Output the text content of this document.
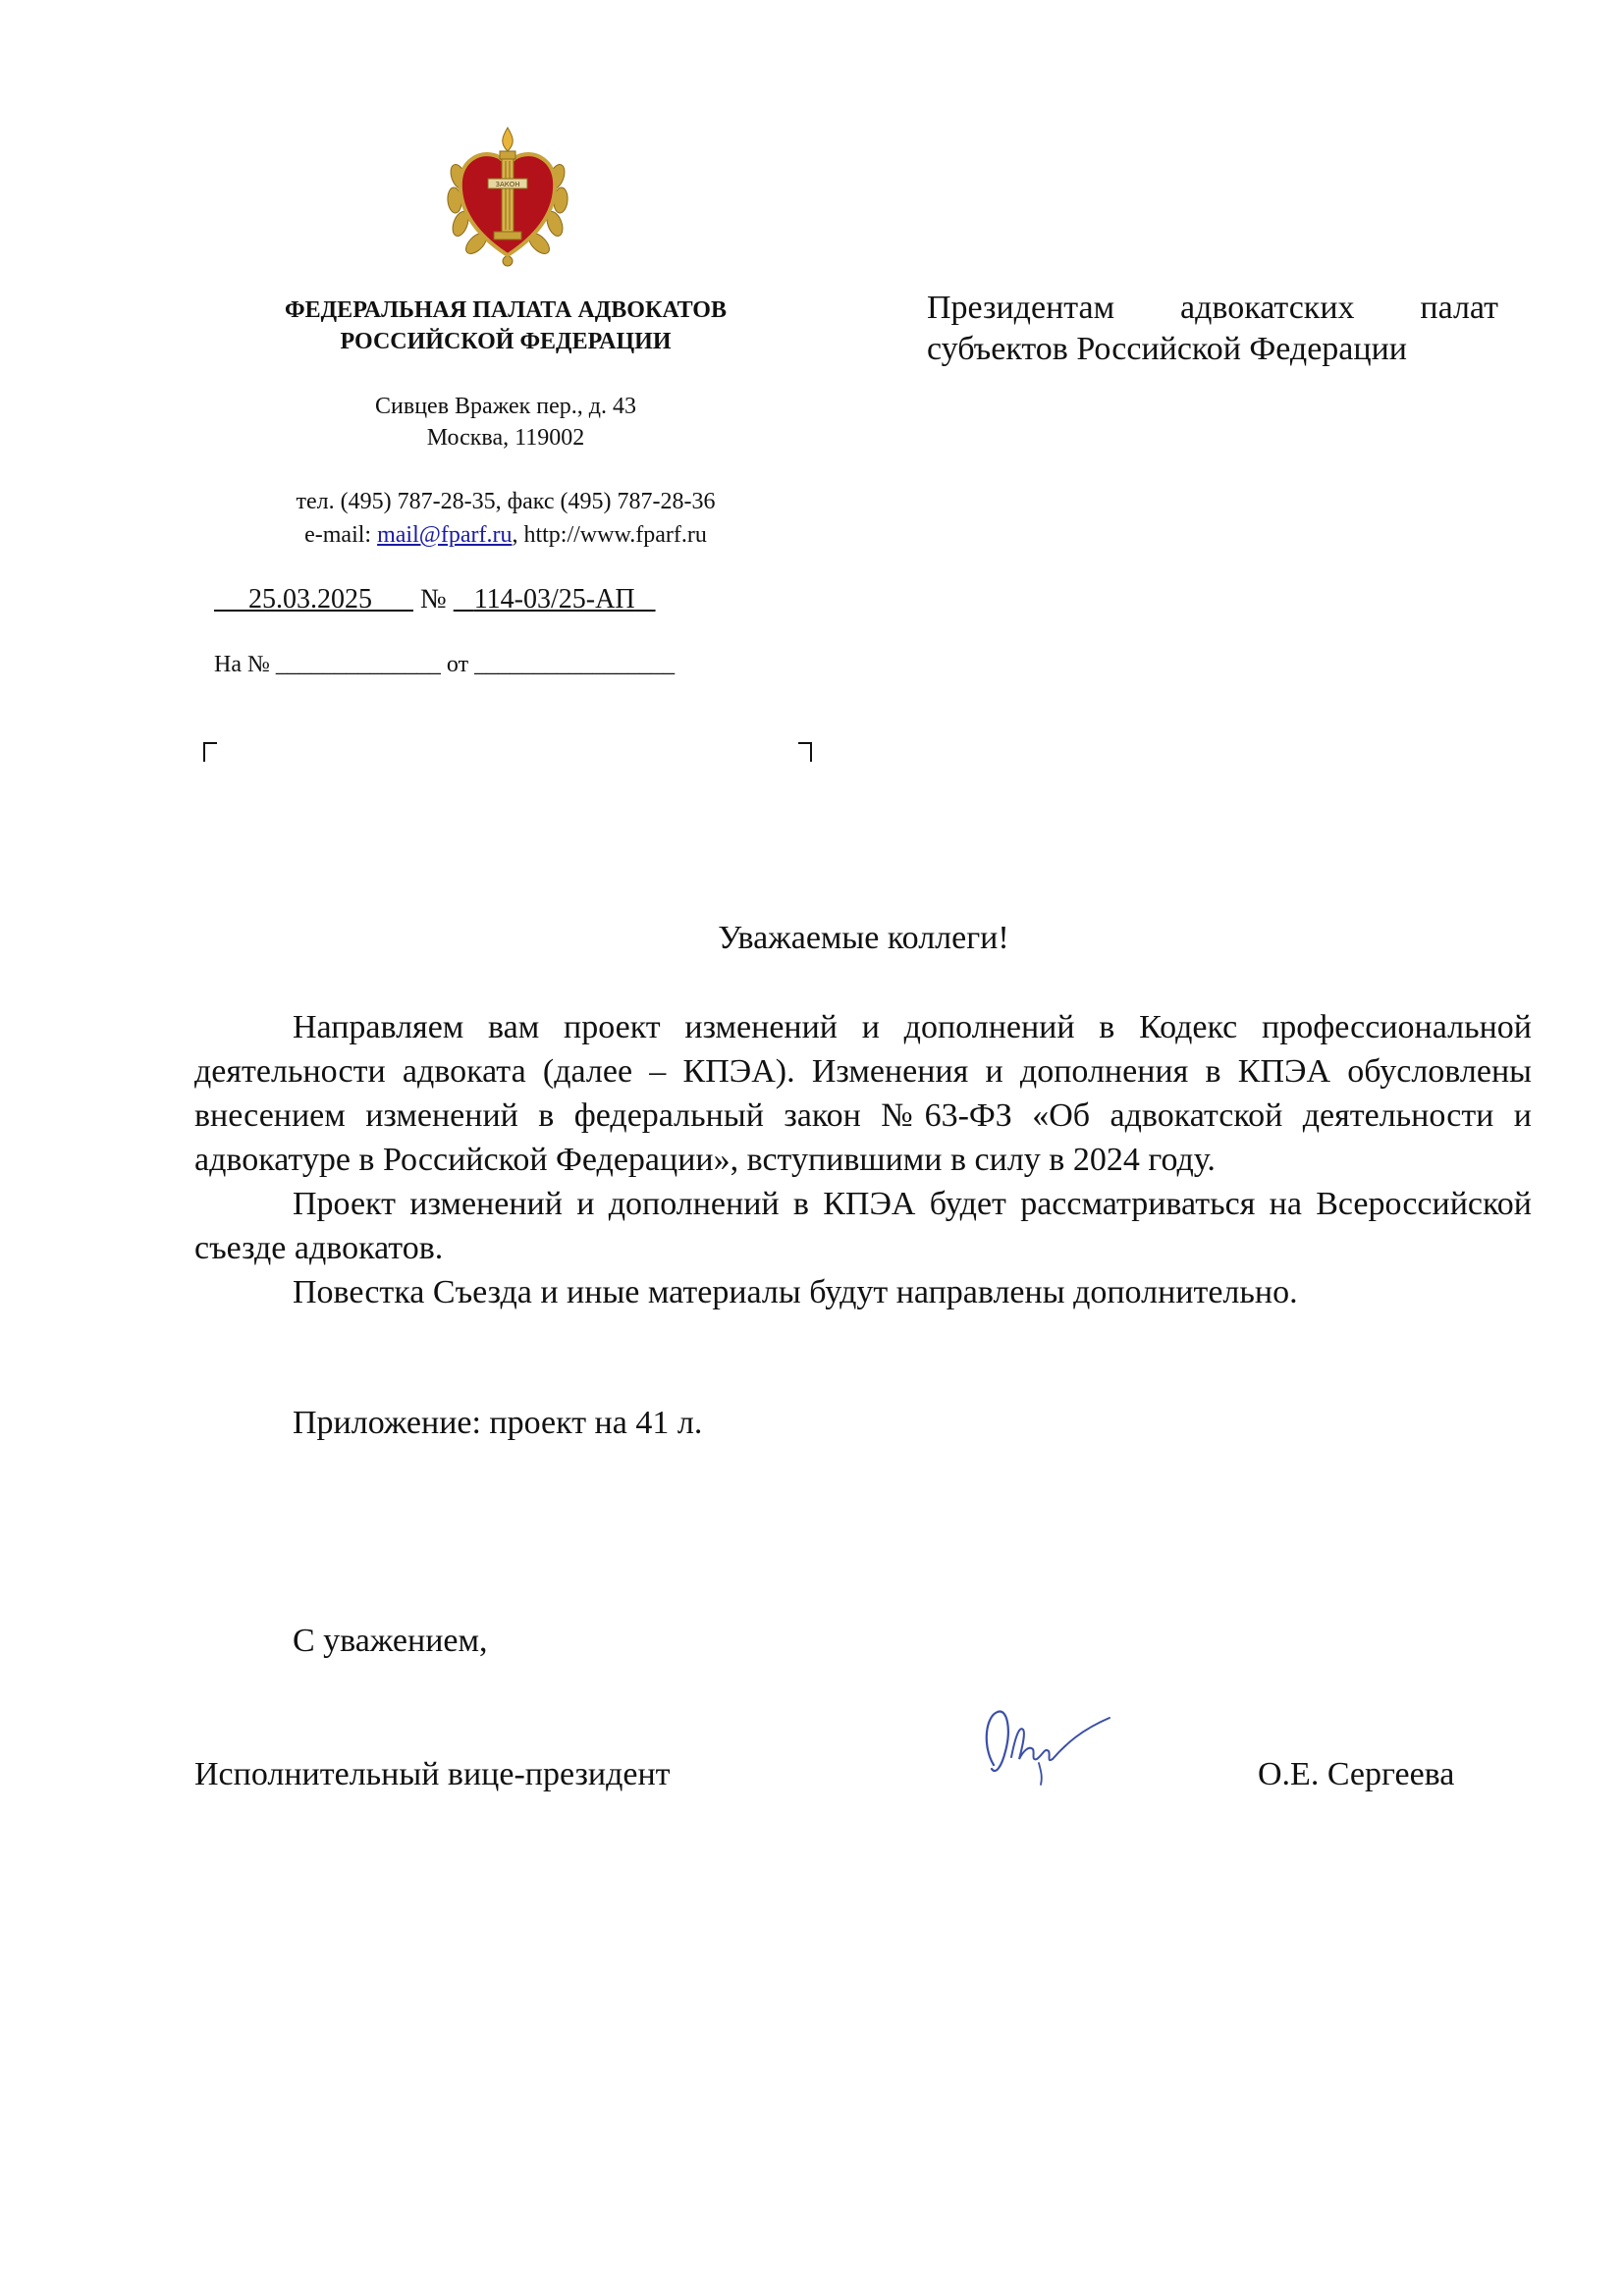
ЗАКОН
ФЕДЕРАЛЬНАЯ ПАЛАТА АДВОКАТОВ
РОССИЙСКОЙ ФЕДЕРАЦИИ
Сивцев Вражек пер., д. 43
Москва, 119002
тел. (495) 787-28-35, факс (495) 787-28-36
e-mail: mail@fparf.ru, http://www.fparf.ru
25.03.2025 № 114-03/25-АП
На № ______________ от _________________
Президентам адвокатских палат
субъектов Российской Федерации
Уважаемые коллеги!

Направляем вам проект изменений и дополнений в Кодекс профессиональной деятельности адвоката (далее – КПЭА). Изменения и дополнения в КПЭА обусловлены внесением изменений в федеральный закон №63-ФЗ «Об адвокатской деятельности и адвокатуре в Российской Федерации», вступившими в силу в 2024 году.

Проект изменений и дополнений в КПЭА будет рассматриваться на Всероссийской съезде адвокатов.

Повестка Съезда и иные материалы будут направлены дополнительно.

Приложение: проект на 41 л.
С уважением,
Исполнительный вице-президент	О.Е. Сергеева
